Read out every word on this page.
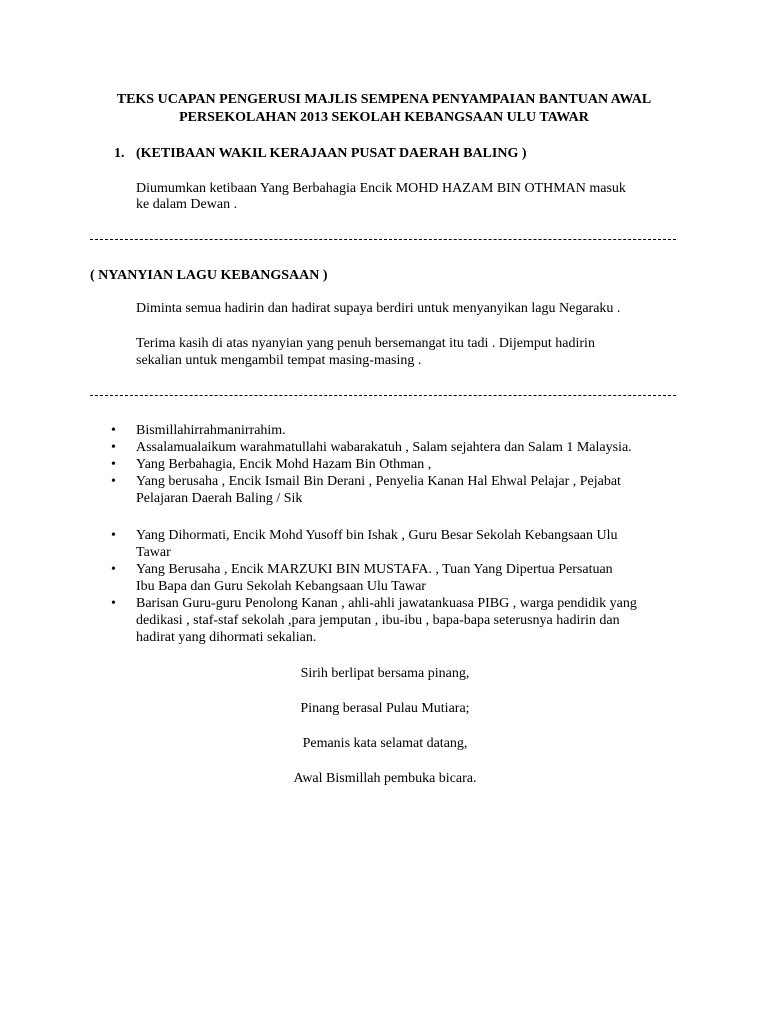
TEKS UCAPAN PENGERUSI MAJLIS SEMPENA PENYAMPAIAN BANTUAN AWAL
PERSEKOLAHAN 2013 SEKOLAH KEBANGSAAN ULU TAWAR
1. (KETIBAAN WAKIL KERAJAAN PUSAT DAERAH BALING )
Diumumkan ketibaan Yang Berbahagia Encik MOHD HAZAM BIN OTHMAN masuk
ke dalam Dewan .
( NYANYIAN LAGU KEBANGSAAN )
Diminta semua hadirin dan hadirat supaya berdiri untuk menyanyikan lagu Negaraku .
Terima kasih di atas nyanyian yang penuh bersemangat itu tadi . Dijemput hadirin
sekalian untuk mengambil tempat masing-masing .
• Bismillahirrahmanirrahim.
• Assalamualaikum warahmatullahi wabarakatuh , Salam sejahtera dan Salam 1 Malaysia.
• Yang Berbahagia, Encik Mohd Hazam Bin Othman ,
• Yang berusaha , Encik Ismail Bin Derani , Penyelia Kanan Hal Ehwal Pelajar , Pejabat
Pelajaran Daerah Baling / Sik
• Yang Dihormati, Encik Mohd Yusoff bin Ishak , Guru Besar Sekolah Kebangsaan Ulu
Tawar
• Yang Berusaha , Encik MARZUKI BIN MUSTAFA. , Tuan Yang Dipertua Persatuan
Ibu Bapa dan Guru Sekolah Kebangsaan Ulu Tawar
• Barisan Guru-guru Penolong Kanan , ahli-ahli jawatankuasa PIBG , warga pendidik yang
dedikasi , staf-staf sekolah ,para jemputan , ibu-ibu , bapa-bapa seterusnya hadirin dan
hadirat yang dihormati sekalian.
Sirih berlipat bersama pinang,
Pinang berasal Pulau Mutiara;
Pemanis kata selamat datang,
Awal Bismillah pembuka bicara.
